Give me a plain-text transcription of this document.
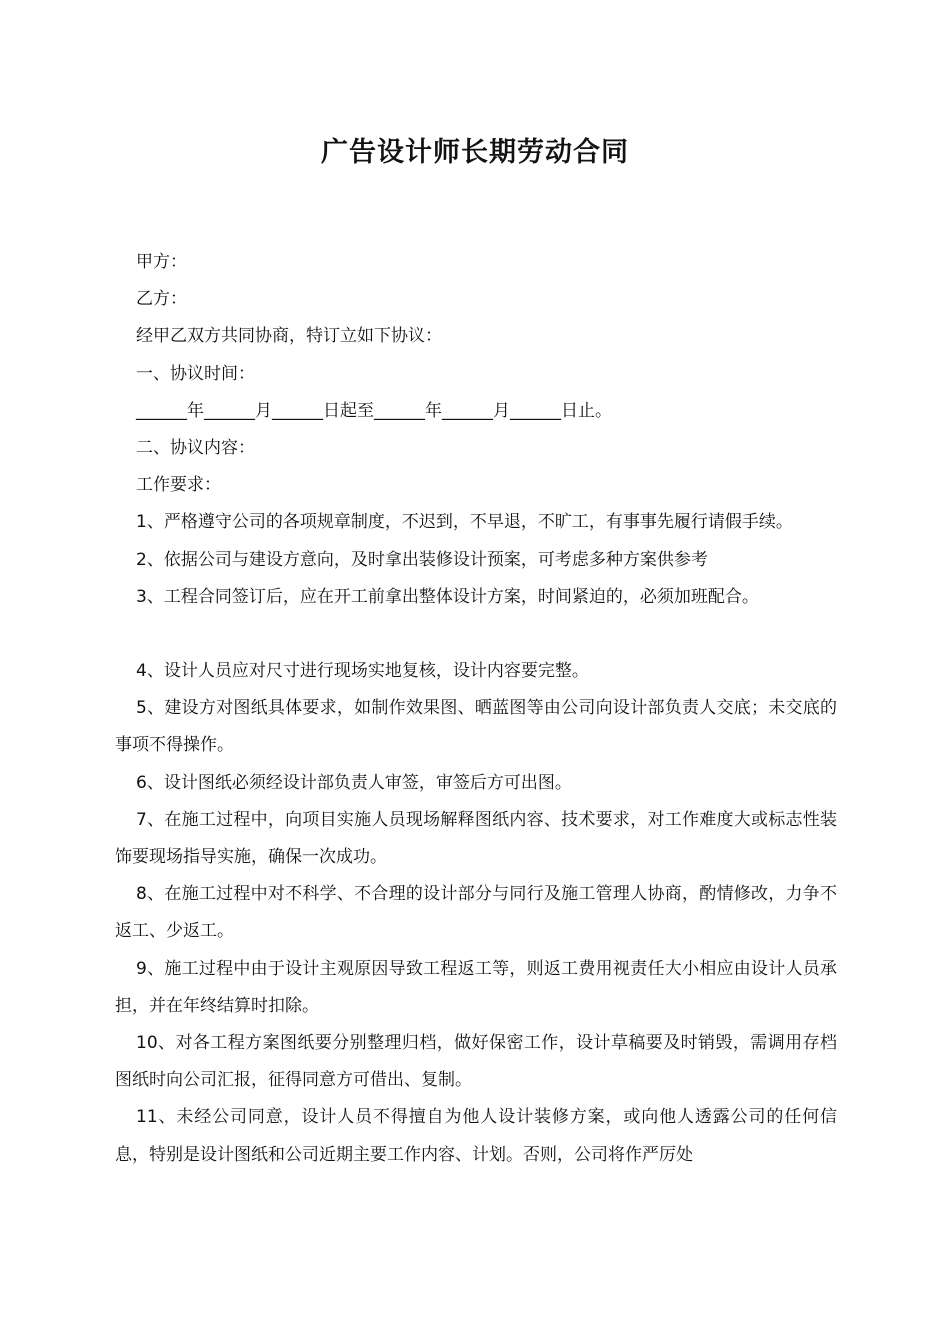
广告设计师长期劳动合同

甲方：

乙方：

经甲乙双方共同协商，特订立如下协议：

一、协议时间：

______年______月______日起至______年______月______日止。

二、协议内容：

工作要求：

1、严格遵守公司的各项规章制度，不迟到，不早退，不旷工，有事事先履行请假手续。

2、依据公司与建设方意向，及时拿出装修设计预案，可考虑多种方案供参考

3、工程合同签订后，应在开工前拿出整体设计方案，时间紧迫的，必须加班配合。

4、设计人员应对尺寸进行现场实地复核，设计内容要完整。

5、建设方对图纸具体要求，如制作效果图、晒蓝图等由公司向设计部负责人交底；未交底的事项不得操作。

6、设计图纸必须经设计部负责人审签，审签后方可出图。

7、在施工过程中，向项目实施人员现场解释图纸内容、技术要求，对工作难度大或标志性装饰要现场指导实施，确保一次成功。

8、在施工过程中对不科学、不合理的设计部分与同行及施工管理人协商，酌情修改，力争不返工、少返工。

9、施工过程中由于设计主观原因导致工程返工等，则返工费用视责任大小相应由设计人员承担，并在年终结算时扣除。

10、对各工程方案图纸要分别整理归档，做好保密工作，设计草稿要及时销毁，需调用存档图纸时向公司汇报，征得同意方可借出、复制。

11、未经公司同意，设计人员不得擅自为他人设计装修方案，或向他人透露公司的任何信息，特别是设计图纸和公司近期主要工作内容、计划。否则，公司将作严厉处
